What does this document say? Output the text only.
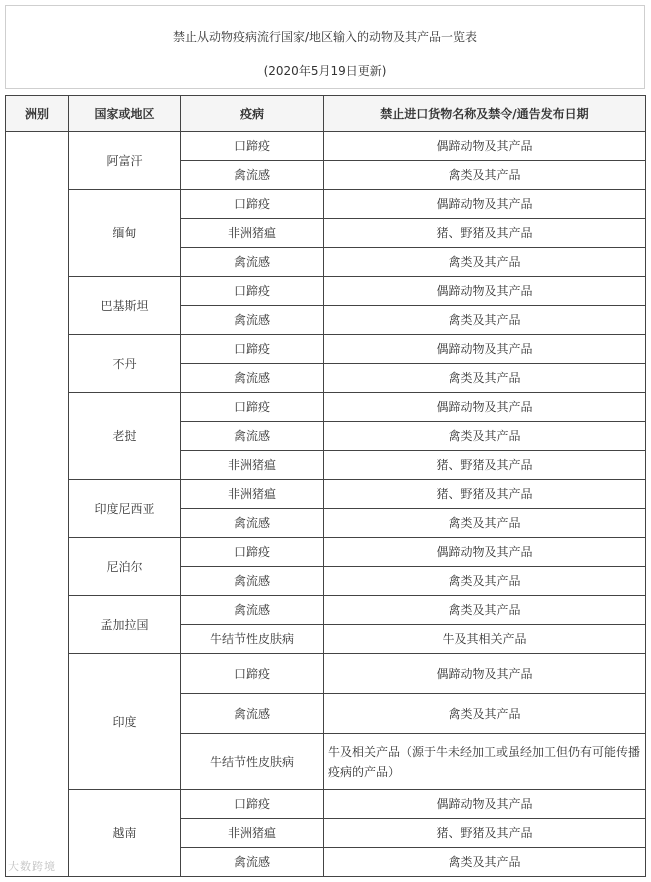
禁止从动物疫病流行国家/地区输入的动物及其产品一览表
(2020年5月19日更新)
洲别	国家或地区	疫病	禁止进口货物名称及禁令/通告发布日期
	阿富汗	口蹄疫	偶蹄动物及其产品
		禽流感	禽类及其产品
	缅甸	口蹄疫	偶蹄动物及其产品
		非洲猪瘟	猪、野猪及其产品
		禽流感	禽类及其产品
	巴基斯坦	口蹄疫	偶蹄动物及其产品
		禽流感	禽类及其产品
	不丹	口蹄疫	偶蹄动物及其产品
		禽流感	禽类及其产品
	老挝	口蹄疫	偶蹄动物及其产品
		禽流感	禽类及其产品
		非洲猪瘟	猪、野猪及其产品
	印度尼西亚	非洲猪瘟	猪、野猪及其产品
		禽流感	禽类及其产品
	尼泊尔	口蹄疫	偶蹄动物及其产品
		禽流感	禽类及其产品
	孟加拉国	禽流感	禽类及其产品
		牛结节性皮肤病	牛及其相关产品
	印度	口蹄疫	偶蹄动物及其产品
		禽流感	禽类及其产品
		牛结节性皮肤病	牛及相关产品（源于牛未经加工或虽经加工但仍有可能传播疫病的产品）
	越南	口蹄疫	偶蹄动物及其产品
		非洲猪瘟	猪、野猪及其产品
		禽流感	禽类及其产品
大数跨境
